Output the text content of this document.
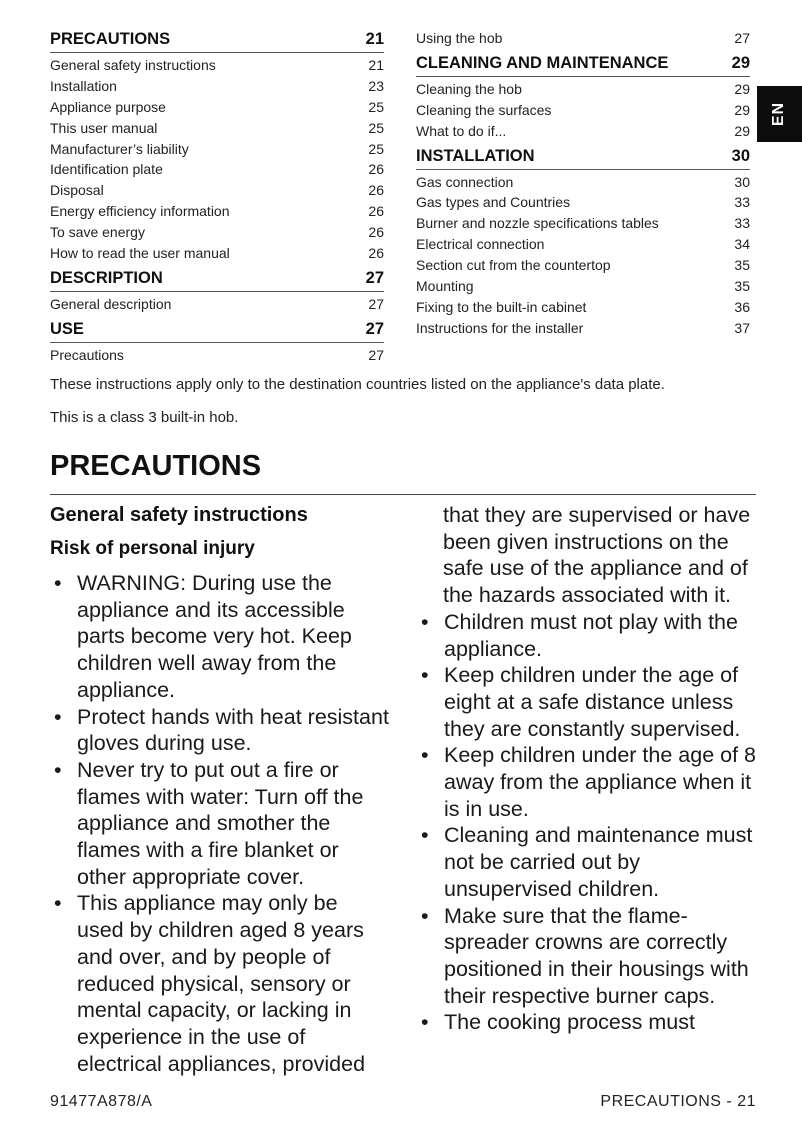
PRECAUTIONS	21
General safety instructions	21
Installation	23
Appliance purpose	25
This user manual	25
Manufacturer’s liability	25
Identification plate	26
Disposal	26
Energy efficiency information	26
To save energy	26
How to read the user manual	26
DESCRIPTION	27
General description	27
USE	27
Precautions	27
Using the hob	27
CLEANING AND MAINTENANCE	29
Cleaning the hob	29
Cleaning the surfaces	29
What to do if...	29
INSTALLATION	30
Gas connection	30
Gas types and Countries	33
Burner and nozzle specifications tables	33
Electrical connection	34
Section cut from the countertop	35
Mounting	35
Fixing to the built-in cabinet	36
Instructions for the installer	37
These instructions apply only to the destination countries listed on the appliance's data plate.
This is a class 3 built-in hob.
PRECAUTIONS
General safety instructions
Risk of personal injury
• WARNING: During use the appliance and its accessible parts become very hot. Keep children well away from the appliance.
• Protect hands with heat resistant gloves during use.
• Never try to put out a fire or flames with water: Turn off the appliance and smother the flames with a fire blanket or other appropriate cover.
• This appliance may only be used by children aged 8 years and over, and by people of reduced physical, sensory or mental capacity, or lacking in experience in the use of electrical appliances, provided

that they are supervised or have been given instructions on the safe use of the appliance and of the hazards associated with it.

• Children must not play with the appliance.
• Keep children under the age of eight at a safe distance unless they are constantly supervised.
• Keep children under the age of 8 away from the appliance when it is in use.
• Cleaning and maintenance must not be carried out by unsupervised children.
• Make sure that the flame-spreader crowns are correctly positioned in their housings with their respective burner caps.
• The cooking process must
EN
91477A878/A	PRECAUTIONS - 21
